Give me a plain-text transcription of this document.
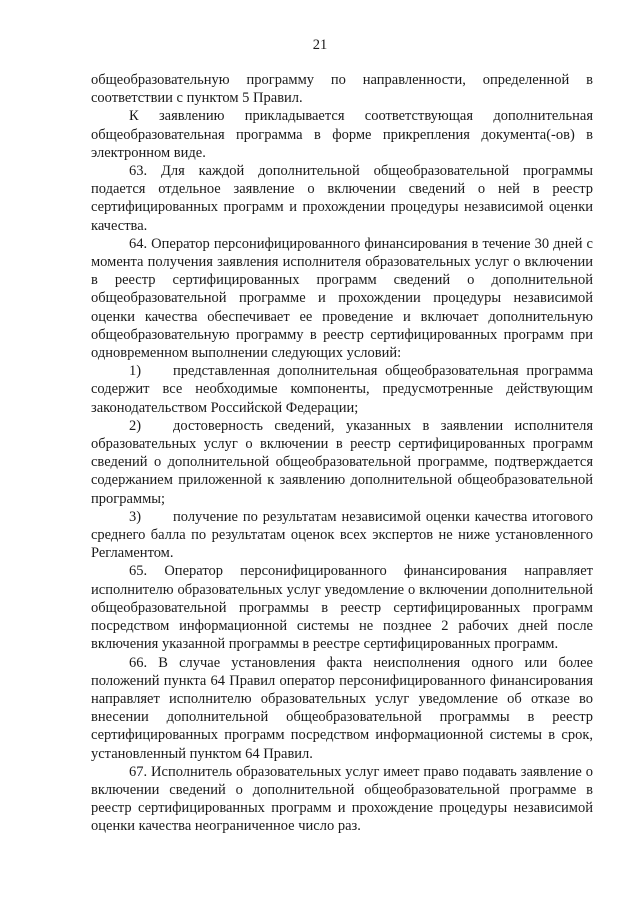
21

общеобразовательную программу по направленности, определенной в соответствии с пунктом 5 Правил.

К заявлению прикладывается соответствующая дополнительная общеобразовательная программа в форме прикрепления документа(-ов) в электронном виде.

63. Для каждой дополнительной общеобразовательной программы подается отдельное заявление о включении сведений о ней в реестр сертифицированных программ и прохождении процедуры независимой оценки качества.

64. Оператор персонифицированного финансирования в течение 30 дней с момента получения заявления исполнителя образовательных услуг о включении в реестр сертифицированных программ сведений о дополнительной общеобразовательной программе и прохождении процедуры независимой оценки качества обеспечивает ее проведение и включает дополнительную общеобразовательную программу в реестр сертифицированных программ при одновременном выполнении следующих условий:

1) представленная дополнительная общеобразовательная программа содержит все необходимые компоненты, предусмотренные действующим законодательством Российской Федерации;

2) достоверность сведений, указанных в заявлении исполнителя образовательных услуг о включении в реестр сертифицированных программ сведений о дополнительной общеобразовательной программе, подтверждается содержанием приложенной к заявлению дополнительной общеобразовательной программы;

3) получение по результатам независимой оценки качества итогового среднего балла по результатам оценок всех экспертов не ниже установленного Регламентом.

65. Оператор персонифицированного финансирования направляет исполнителю образовательных услуг уведомление о включении дополнительной общеобразовательной программы в реестр сертифицированных программ посредством информационной системы не позднее 2 рабочих дней после включения указанной программы в реестре сертифицированных программ.

66. В случае установления факта неисполнения одного или более положений пункта 64 Правил оператор персонифицированного финансирования направляет исполнителю образовательных услуг уведомление об отказе во внесении дополнительной общеобразовательной программы в реестр сертифицированных программ посредством информационной системы в срок, установленный пунктом 64 Правил.

67. Исполнитель образовательных услуг имеет право подавать заявление о включении сведений о дополнительной общеобразовательной программе в реестр сертифицированных программ и прохождение процедуры независимой оценки качества неограниченное число раз.
